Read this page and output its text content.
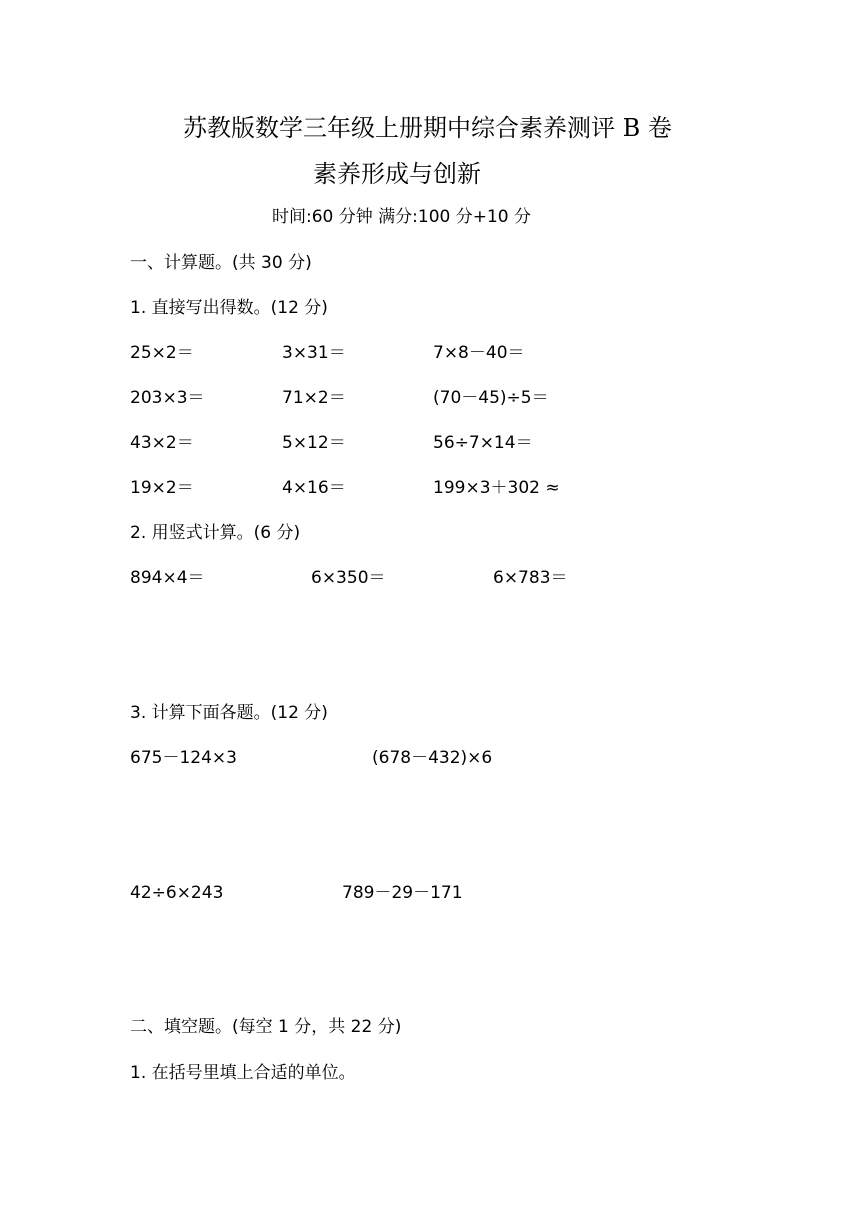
苏教版数学三年级上册期中综合素养测评 B 卷
素养形成与创新
时间:60 分钟 满分:100 分+10 分
一、计算题。(共 30 分)
1. 直接写出得数。(12 分)
25×2＝	3×31＝	7×8－40＝
203×3＝	71×2＝	(70－45)÷5＝
43×2＝	5×12＝	56÷7×14＝
19×2＝	4×16＝	199×3＋302 ≈
2. 用竖式计算。(6 分)
894×4＝	6×350＝	6×783＝
3. 计算下面各题。(12 分)
675－124×3	(678－432)×6
42÷6×243	789－29－171
二、填空题。(每空 1 分，共 22 分)
1. 在括号里填上合适的单位。
